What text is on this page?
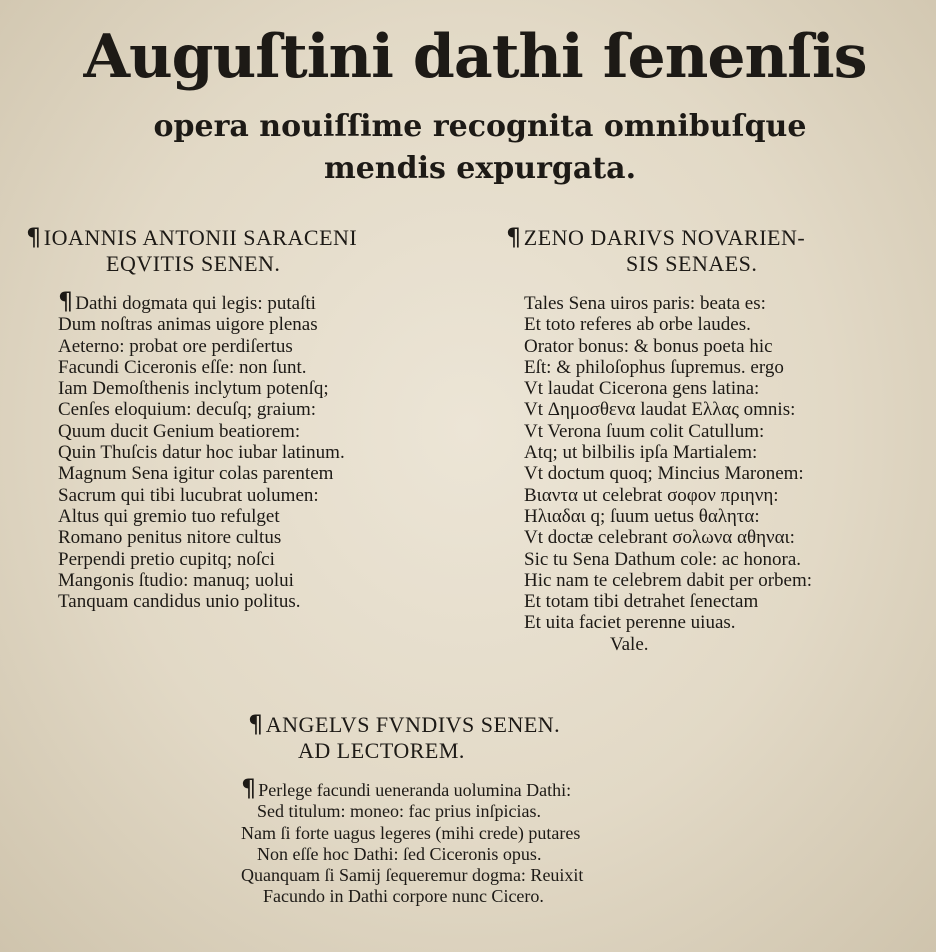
Auguſtini dathi ſenenſis
opera nouiſſime recognita omnibuſque
mendis expurgata.
¶IOANNIS ANTONII SARACENI
EQVITIS SENEN.
¶ Dathi dogmata qui legis: putaſti
Dum noſtras animas uigore plenas
Aeterno: probat ore perdiſertus
Facundi Ciceronis eſſe: non ſunt.
Iam Demoſthenis inclytum potenſq;
Cenſes eloquium: decuſq; graium:
Quum ducit Genium beatiorem:
Quin Thuſcis datur hoc iubar latinum.
Magnum Sena igitur colas parentem
Sacrum qui tibi lucubrat uolumen:
Altus qui gremio tuo refulget
Romano penitus nitore cultus
Perpendi pretio cupitq; noſci
Mangonis ſtudio: manuq; uolui
Tanquam candidus unio politus.
¶ZENO DARIVS NOVARIEN-
SIS SENAES.
Tales Sena uiros paris: beata es:
Et toto referes ab orbe laudes.
Orator bonus: & bonus poeta hic
Eſt: & philoſophus ſupremus. ergo
Vt laudat Cicerona gens latina:
Vt Δημοσθενα laudat Ελλας omnis:
Vt Verona ſuum colit Catullum:
Atq; ut bilbilis ipſa Martialem:
Vt doctum quoq; Mincius Maronem:
Βιαντα ut celebrat σοφον πριηνη:
Ηλιαδαι q; ſuum uetus θαλητα:
Vt doctæ celebrant σολωνα αθηναι:
Sic tu Sena Dathum cole: ac honora.
Hic nam te celebrem dabit per orbem:
Et totam tibi detrahet ſenectam
Et uita faciet perenne uiuas.
Vale.
¶ANGELVS FVNDIVS SENEN.
AD LECTOREM.
¶ Perlege facundi ueneranda uolumina Dathi:
Sed titulum: moneo: fac prius inſpicias.
Nam ſi forte uagus legeres (mihi crede) putares
Non eſſe hoc Dathi: ſed Ciceronis opus.
Quanquam ſi Samij ſequeremur dogma: Reuixit
Facundo in Dathi corpore nunc Cicero.
